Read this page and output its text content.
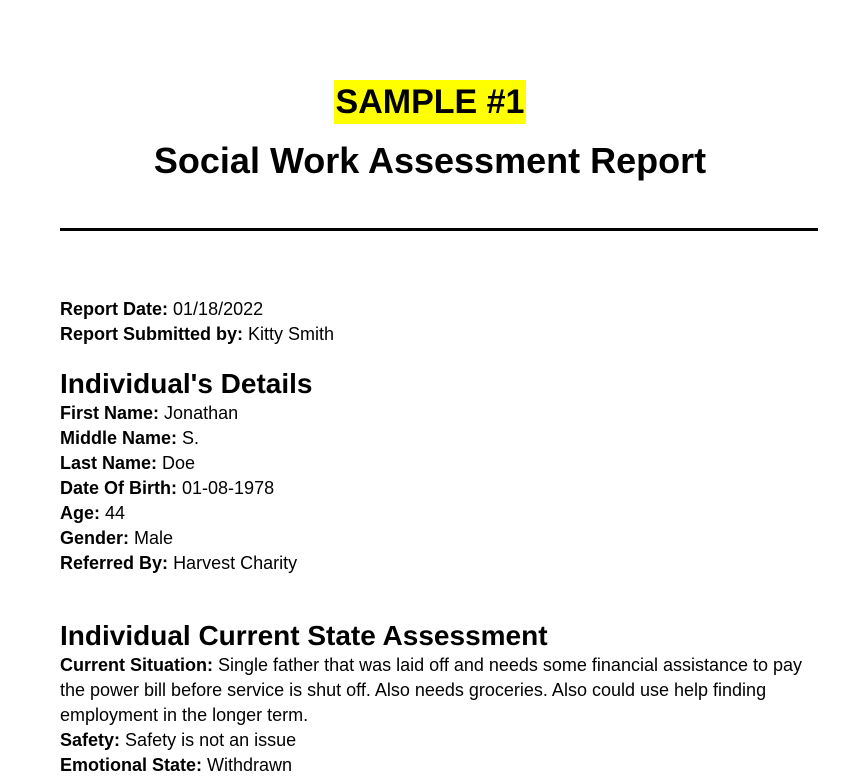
SAMPLE #1
Social Work Assessment Report

Report Date: 01/18/2022

Report Submitted by: Kitty Smith

Individual's Details

First Name: Jonathan

Middle Name: S.

Last Name: Doe

Date Of Birth: 01-08-1978

Age: 44

Gender: Male

Referred By: Harvest Charity

Individual Current State Assessment

Current Situation: Single father that was laid off and needs some financial assistance to pay the power bill before service is shut off. Also needs groceries. Also could use help finding employment in the longer term.

Safety: Safety is not an issue

Emotional State: Withdrawn
